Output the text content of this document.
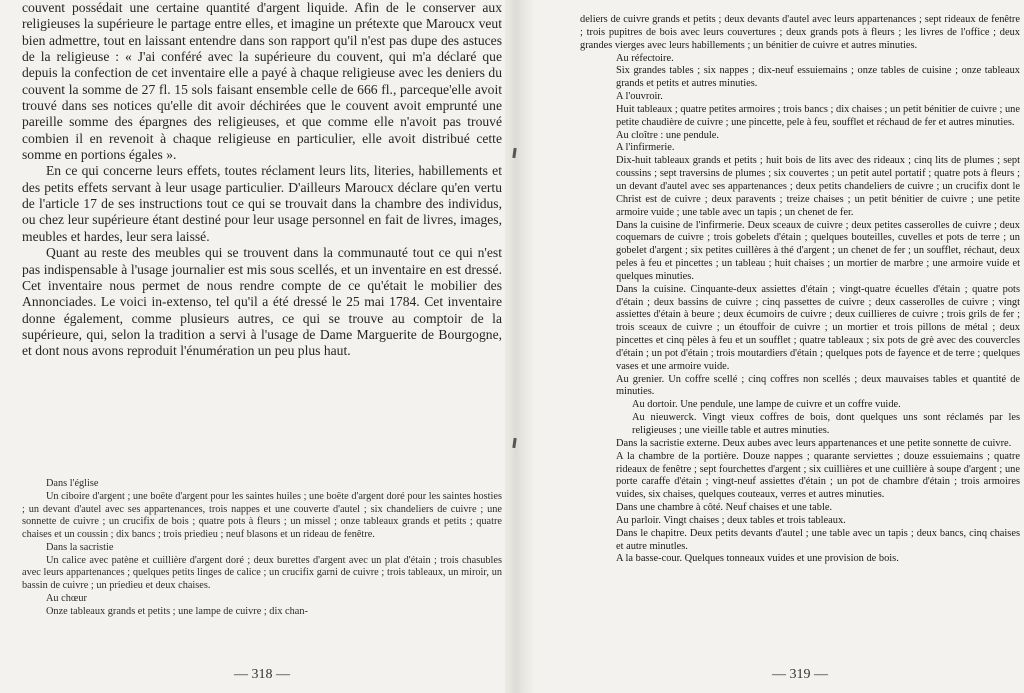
couvent possédait une certaine quantité d'argent liquide. Afin de le conserver aux religieuses la supérieure le partage entre elles, et imagine un prétexte que Maroucx veut bien admettre, tout en laissant entendre dans son rapport qu'il n'est pas dupe des astuces de la religieuse : « J'ai conféré avec la supérieure du couvent, qui m'a déclaré que depuis la confection de cet inventaire elle a payé à chaque religieuse avec les deniers du couvent la somme de 27 fl. 15 sols faisant ensemble celle de 666 fl., parceque'elle avoit trouvé dans ses notices qu'elle dit avoir déchirées que le couvent avoit emprunté une pareille somme des épargnes des religieuses, et que comme elle n'avoit pas trouvé combien il en revenoit à chaque religieuse en particulier, elle avoit distribué cette somme en portions égales ».

En ce qui concerne leurs effets, toutes réclament leurs lits, literies, habillements et des petits effets servant à leur usage particulier. D'ailleurs Maroucx déclare qu'en vertu de l'article 17 de ses instructions tout ce qui se trouvait dans la chambre des individus, ou chez leur supérieure étant destiné pour leur usage personnel en fait de livres, images, meubles et hardes, leur sera laissé.

Quant au reste des meubles qui se trouvent dans la communauté tout ce qui n'est pas indispensable à l'usage journalier est mis sous scellés, et un inventaire en est dressé. Cet inventaire nous permet de nous rendre compte de ce qu'était le mobilier des Annonciades. Le voici in-extenso, tel qu'il a été dressé le 25 mai 1784. Cet inventaire donne également, comme plusieurs autres, ce qui se trouve au comptoir de la supérieure, qui, selon la tradition a servi à l'usage de Dame Marguerite de Bourgogne, et dont nous avons reproduit l'énumération un peu plus haut.

Dans l'église

Un ciboire d'argent ; une boëte d'argent pour les saintes huiles ; une boëte d'argent doré pour les saintes hosties ; un devant d'autel avec ses appartenances, trois nappes et une couverte d'autel ; six chandeliers de cuivre ; une sonnette de cuivre ; un crucifix de bois ; quatre pots à fleurs ; un missel ; onze tableaux grands et petits ; quatre chaises et un coussin ; dix bancs ; trois priedieu ; neuf blasons et un rideau de fenêtre.

Dans la sacristie

Un calice avec patène et cuillière d'argent doré ; deux burettes d'argent avec un plat d'étain ; trois chasubles avec leurs appartenances ; quelques petits linges de calice ; un crucifix garni de cuivre ; trois tableaux, un miroir, un bassin de cuivre ; un priedieu et deux chaises.

Au chœur

Onze tableaux grands et petits ; une lampe de cuivre ; dix chan-

— 318 —

deliers de cuivre grands et petits ; deux devants d'autel avec leurs appartenances ; sept rideaux de fenêtre ; trois pupitres de bois avec leurs couvertures ; deux grands pots à fleurs ; les livres de l'office ; deux grandes vierges avec leurs habillements ; un bénitier de cuivre et autres minuties.

Au réfectoire.

Six grandes tables ; six nappes ; dix-neuf essuiemains ; onze tables de cuisine ; onze tableaux grands et petits et autres minuties.

A l'ouvroir.

Huit tableaux ; quatre petites armoires ; trois bancs ; dix chaises ; un petit bénitier de cuivre ; une petite chaudière de cuivre ; une pincette, pele à feu, soufflet et réchaud de fer et autres minuties.

Au cloître : une pendule.

A l'infirmerie.

Dix-huit tableaux grands et petits ; huit bois de lits avec des rideaux ; cinq lits de plumes ; sept coussins ; sept traversins de plumes ; six couvertes ; un petit autel portatif ; quatre pots à fleurs ; un devant d'autel avec ses appartenances ; deux petits chandeliers de cuivre ; un crucifix dont le Christ est de cuivre ; deux paravents ; treize chaises ; un petit bénitier de cuivre ; une petite armoire vuide ; une table avec un tapis ; un chenet de fer.

Dans la cuisine de l'infirmerie. Deux sceaux de cuivre ; deux petites casserolles de cuivre ; deux coquemars de cuivre ; trois gobelets d'étain ; quelques bouteilles, cuvelles et pots de terre ; un gobelet d'argent ; six petites cuillères à thé d'argent ; un chenet de fer ; un soufflet, réchaut, deux peles à feu et pincettes ; un tableau ; huit chaises ; un mortier de marbre ; une armoire vuide et quelques minuties.

Dans la cuisine. Cinquante-deux assiettes d'étain ; vingt-quatre écuelles d'étain ; quatre pots d'étain ; deux bassins de cuivre ; cinq passettes de cuivre ; deux casserolles de cuivre ; vingt assiettes d'étain à beure ; deux écumoirs de cuivre ; deux cuillieres de cuivre ; trois grils de fer ; trois sceaux de cuivre ; un étouffoir de cuivre ; un mortier et trois pillons de métal ; deux pincettes et cinq pèles à feu et un soufflet ; quatre tableaux ; six pots de grè avec des couvercles d'étain ; un pot d'étain ; trois moutardiers d'étain ; quelques pots de fayence et de terre ; quelques vases et une armoire vuide.

Au grenier. Un coffre scellé ; cinq coffres non scellés ; deux mauvaises tables et quantité de minuties.

Au dortoir. Une pendule, une lampe de cuivre et un coffre vuide.

Au nieuwerck. Vingt vieux coffres de bois, dont quelques uns sont réclamés par les religieuses ; une vieille table et autres minuties.

Dans la sacristie externe. Deux aubes avec leurs appartenances et une petite sonnette de cuivre.

A la chambre de la portière. Douze nappes ; quarante serviettes ; douze essuiemains ; quatre rideaux de fenêtre ; sept fourchettes d'argent ; six cuillières et une cuillière à soupe d'argent ; une porte caraffe d'étain ; vingt-neuf assiettes d'étain ; un pot de chambre d'étain ; trois armoires vuides, six chaises, quelques couteaux, verres et autres minuties.

Dans une chambre à côté. Neuf chaises et une table.

Au parloir. Vingt chaises ; deux tables et trois tableaux.

Dans le chapitre. Deux petits devants d'autel ; une table avec un tapis ; deux bancs, cinq chaises et autre minutles.

A la basse-cour. Quelques tonneaux vuides et une provision de bois.

— 319 —
